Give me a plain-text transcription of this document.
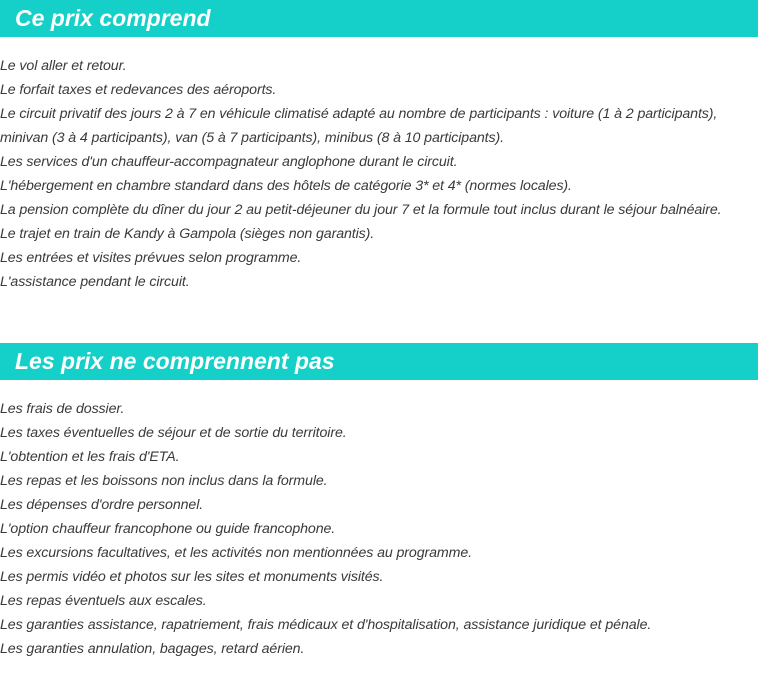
Ce prix comprend
Le vol aller et retour.
Le forfait taxes et redevances des aéroports.
Le circuit privatif des jours 2 à 7 en véhicule climatisé adapté au nombre de participants : voiture (1 à 2 participants),
minivan (3 à 4 participants), van (5 à 7 participants), minibus (8 à 10 participants).
Les services d'un chauffeur-accompagnateur anglophone durant le circuit.
L'hébergement en chambre standard dans des hôtels de catégorie 3* et 4* (normes locales).
La pension complète du dîner du jour 2 au petit-déjeuner du jour 7 et la formule tout inclus durant le séjour balnéaire.
Le trajet en train de Kandy à Gampola (sièges non garantis).
Les entrées et visites prévues selon programme.
L'assistance pendant le circuit.
Les prix ne comprennent pas
Les frais de dossier.
Les taxes éventuelles de séjour et de sortie du territoire.
L'obtention et les frais d'ETA.
Les repas et les boissons non inclus dans la formule.
Les dépenses d'ordre personnel.
L'option chauffeur francophone ou guide francophone.
Les excursions facultatives, et les activités non mentionnées au programme.
Les permis vidéo et photos sur les sites et monuments visités.
Les repas éventuels aux escales.
Les garanties assistance, rapatriement, frais médicaux et d'hospitalisation, assistance juridique et pénale.
Les garanties annulation, bagages, retard aérien.
